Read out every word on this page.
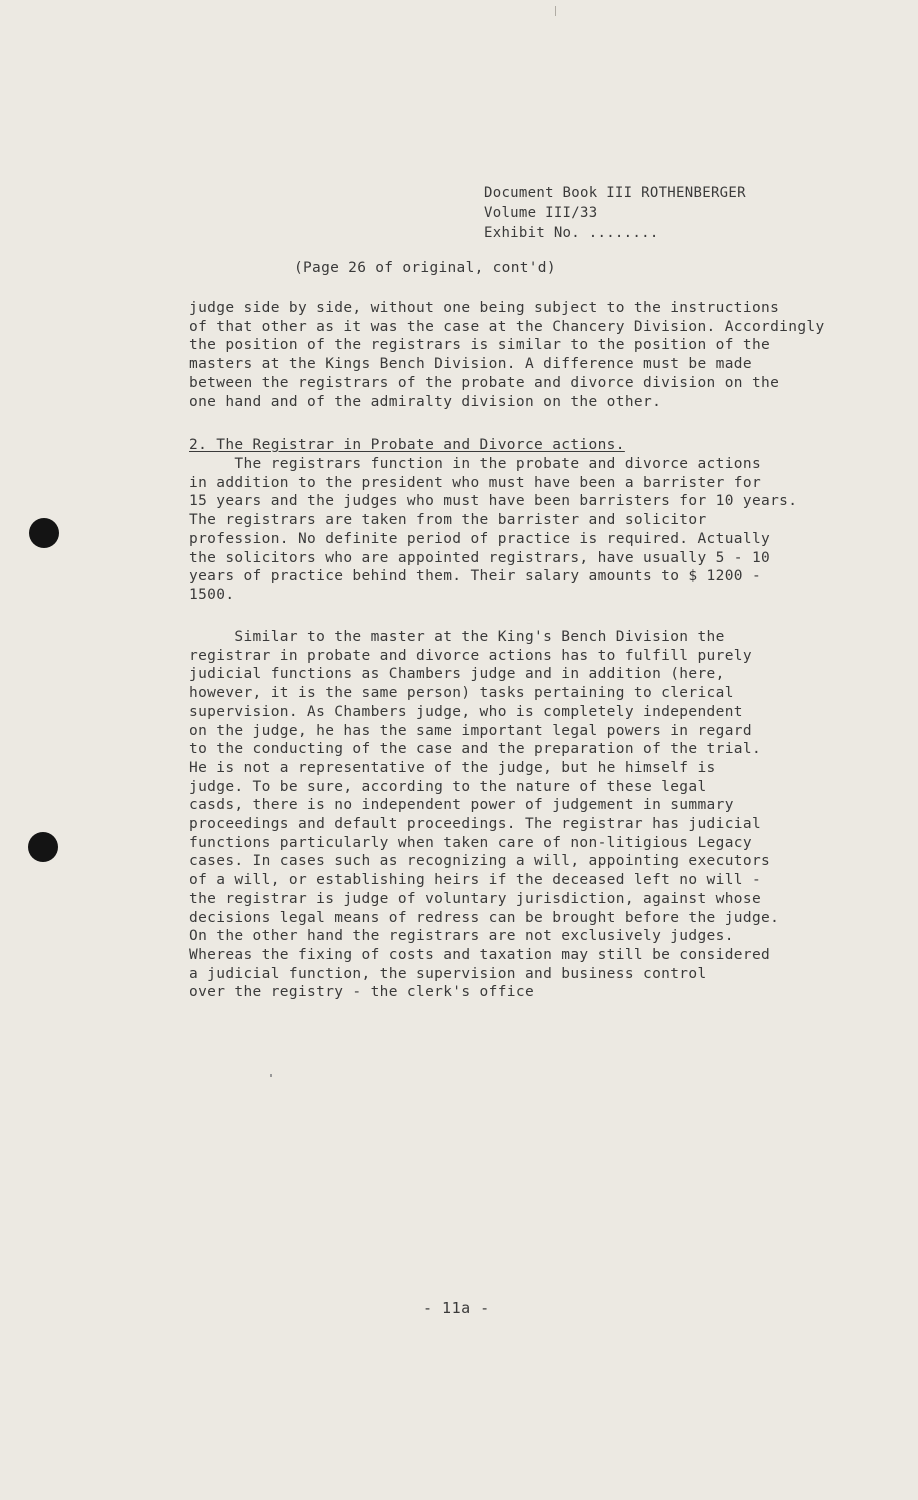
Document Book III ROTHENBERGER
Volume III/33
Exhibit No. ........
(Page 26 of original, cont'd)
judge side by side, without one being subject to the instructions
of that other as it was the case at the Chancery Division. Accordingly
the position of the registrars is similar to the position of the
masters at the Kings Bench Division. A difference must be made
between the registrars of the probate and divorce division on the
one hand and of the admiralty division on the other.
2. The Registrar in Probate and Divorce actions.
The registrars function in the probate and divorce actions
in addition to the president who must have been a barrister for
15 years and the judges who must have been barristers for 10 years.
The registrars are taken from the barrister and solicitor
profession. No definite period of practice is required. Actually
the solicitors who are appointed registrars, have usually 5 - 10
years of practice behind them. Their salary amounts to $ 1200 -
1500.
Similar to the master at the King's Bench Division the
registrar in probate and divorce actions has to fulfill purely
judicial functions as Chambers judge and in addition (here,
however, it is the same person) tasks pertaining to clerical
supervision. As Chambers judge, who is completely independent
on the judge, he has the same important legal powers in regard
to the conducting of the case and the preparation of the trial.
He is not a representative of the judge, but he himself is
judge. To be sure, according to the nature of these legal
casds, there is no independent power of judgement in summary
proceedings and default proceedings. The registrar has judicial
functions particularly when taken care of non-litigious Legacy
cases. In cases such as recognizing a will, appointing executors
of a will, or establishing heirs if the deceased left no will -
the registrar is judge of voluntary jurisdiction, against whose
decisions legal means of redress can be brought before the judge.
On the other hand the registrars are not exclusively judges.
Whereas the fixing of costs and taxation may still be considered
a judicial function, the supervision and business control
over the registry - the clerk's office
- 11a -
